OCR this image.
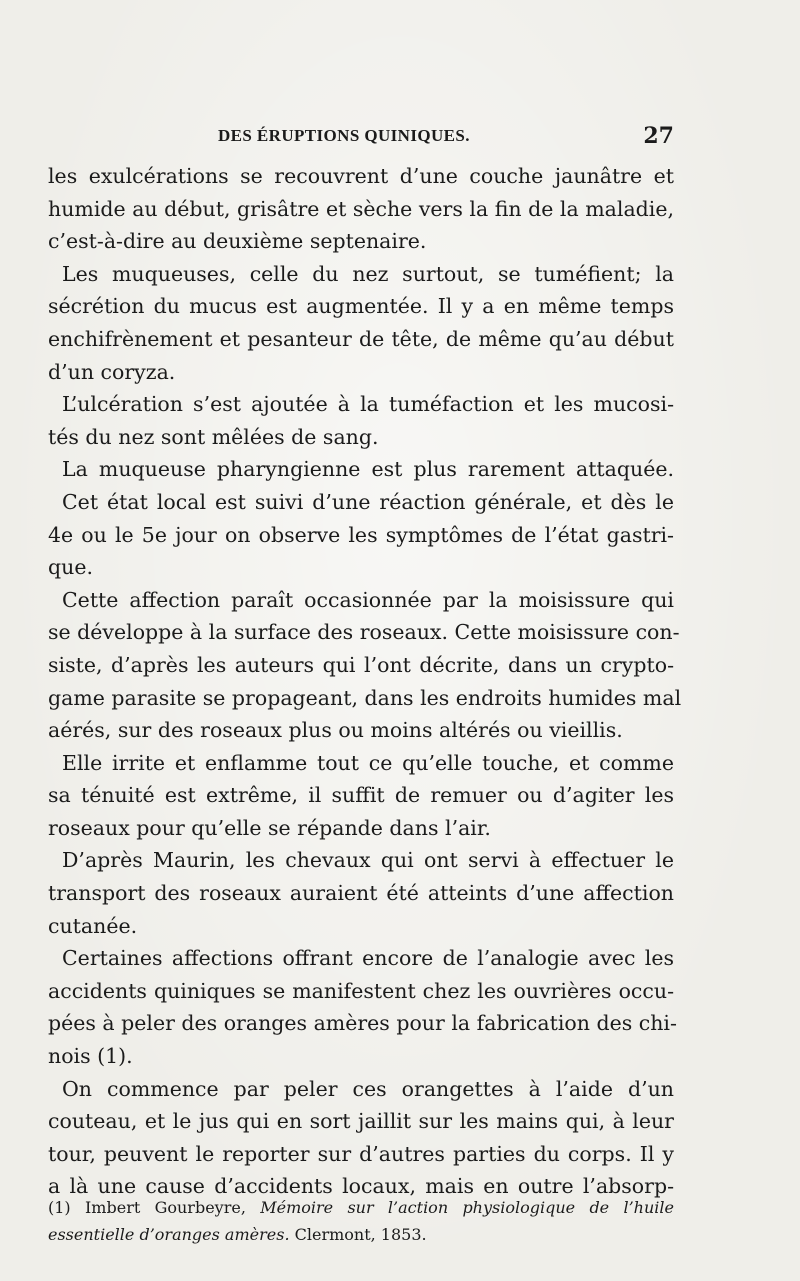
DES ÉRUPTIONS QUINIQUES.	27
les exulcérations se recouvrent d’une couche jaunâtre et
humide au début, grisâtre et sèche vers la fin de la maladie,
c’est-à-dire au deuxième septenaire.
Les muqueuses, celle du nez surtout, se tuméfient; la
sécrétion du mucus est augmentée. Il y a en même temps
enchifrènement et pesanteur de tête, de même qu’au début
d’un coryza.
L’ulcération s’est ajoutée à la tuméfaction et les mucosi-
tés du nez sont mêlées de sang.
La muqueuse pharyngienne est plus rarement attaquée.
Cet état local est suivi d’une réaction générale, et dès le
4e ou le 5e jour on observe les symptômes de l’état gastri-
que.
Cette affection paraît occasionnée par la moisissure qui
se développe à la surface des roseaux. Cette moisissure con-
siste, d’après les auteurs qui l’ont décrite, dans un crypto-
game parasite se propageant, dans les endroits humides mal
aérés, sur des roseaux plus ou moins altérés ou vieillis.
Elle irrite et enflamme tout ce qu’elle touche, et comme
sa ténuité est extrême, il suffit de remuer ou d’agiter les
roseaux pour qu’elle se répande dans l’air.
D’après Maurin, les chevaux qui ont servi à effectuer le
transport des roseaux auraient été atteints d’une affection
cutanée.
Certaines affections offrant encore de l’analogie avec les
accidents quiniques se manifestent chez les ouvrières occu-
pées à peler des oranges amères pour la fabrication des chi-
nois (1).
On commence par peler ces orangettes à l’aide d’un
couteau, et le jus qui en sort jaillit sur les mains qui, à leur
tour, peuvent le reporter sur d’autres parties du corps. Il y
a là une cause d’accidents locaux, mais en outre l’absorp-
(1) Imbert Gourbeyre, Mémoire sur l’action physiologique de l’huile
essentielle d’oranges amères. Clermont, 1853.
